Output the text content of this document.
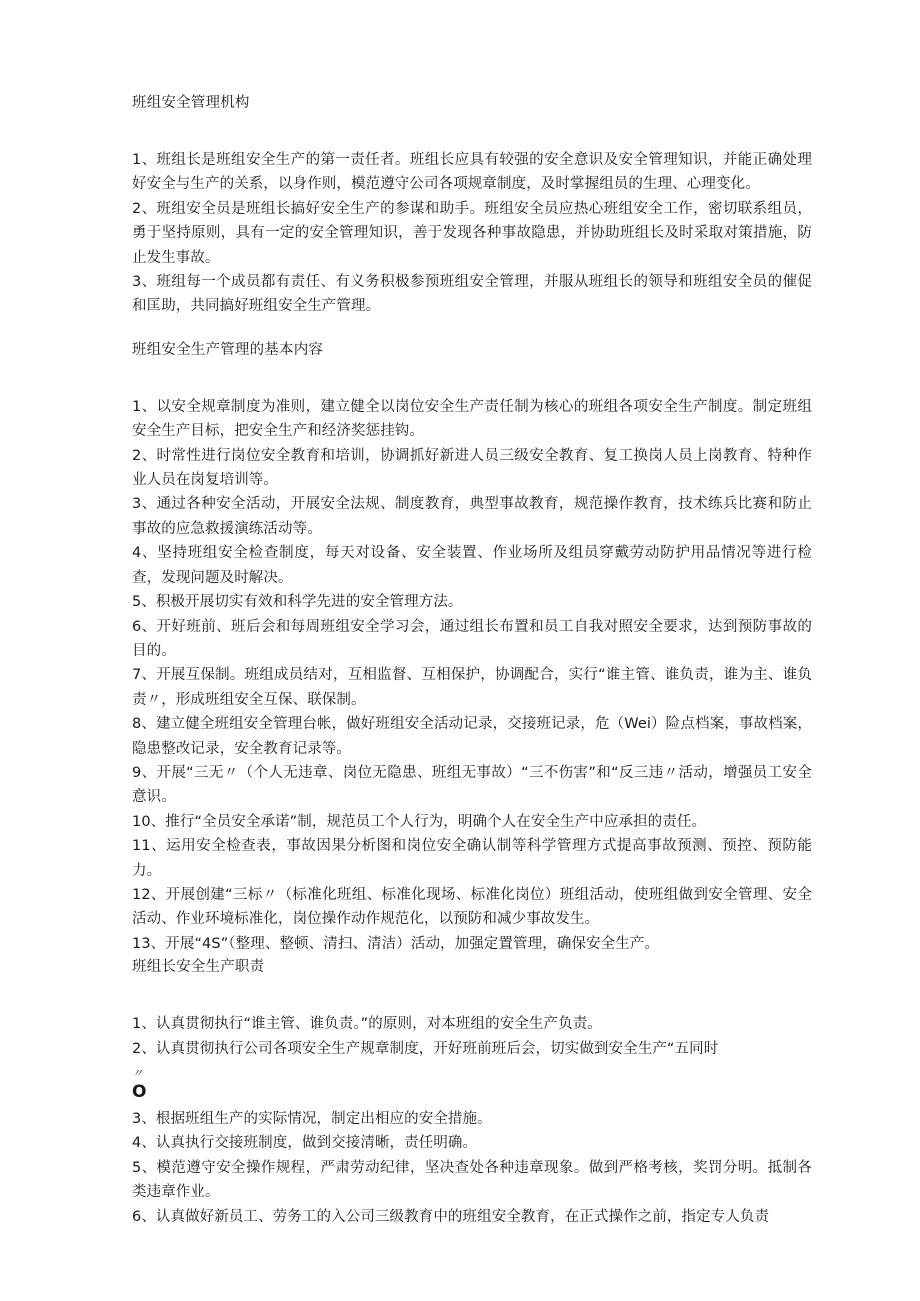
班组安全管理机构

1、班组长是班组安全生产的第一责任者。班组长应具有较强的安全意识及安全管理知识，并能正确处理好安全与生产的关系，以身作则，模范遵守公司各项规章制度，及时掌握组员的生理、心理变化。

2、班组安全员是班组长搞好安全生产的参谋和助手。班组安全员应热心班组安全工作，密切联系组员，勇于坚持原则，具有一定的安全管理知识，善于发现各种事故隐患，并协助班组长及时采取对策措施，防止发生事故。

3、班组每一个成员都有责任、有义务积极参预班组安全管理，并服从班组长的领导和班组安全员的催促和匡助，共同搞好班组安全生产管理。

班组安全生产管理的基本内容

1、以安全规章制度为准则，建立健全以岗位安全生产责任制为核心的班组各项安全生产制度。制定班组安全生产目标，把安全生产和经济奖惩挂钩。

2、时常性进行岗位安全教育和培训，协调抓好新进人员三级安全教育、复工换岗人员上岗教育、特种作业人员在岗复培训等。

3、通过各种安全活动，开展安全法规、制度教育，典型事故教育，规范操作教育，技术练兵比赛和防止事故的应急救援演练活动等。

4、坚持班组安全检查制度，每天对设备、安全装置、作业场所及组员穿戴劳动防护用品情况等进行检查，发现问题及时解决。

5、积极开展切实有效和科学先进的安全管理方法。

6、开好班前、班后会和每周班组安全学习会，通过组长布置和员工自我对照安全要求，达到预防事故的目的。

7、开展互保制。班组成员结对，互相监督、互相保护，协调配合，实行“谁主管、谁负责，谁为主、谁负责〃，形成班组安全互保、联保制。

8、建立健全班组安全管理台帐，做好班组安全活动记录，交接班记录，危（Wei）险点档案，事故档案，隐患整改记录，安全教育记录等。

9、开展“三无〃（个人无违章、岗位无隐患、班组无事故）“三不伤害”和“反三违〃活动，增强员工安全意识。

10、推行“全员安全承诺”制，规范员工个人行为，明确个人在安全生产中应承担的责任。

11、运用安全检查表，事故因果分析图和岗位安全确认制等科学管理方式提高事故预测、预控、预防能力。

12、开展创建“三标〃（标准化班组、标准化现场、标准化岗位）班组活动，使班组做到安全管理、安全活动、作业环境标准化，岗位操作动作规范化，以预防和减少事故发生。

13、开展“4S”（整理、整顿、清扫、清洁）活动，加强定置管理，确保安全生产。

班组长安全生产职责

1、认真贯彻执行“谁主管、谁负责。”的原则，对本班组的安全生产负责。

2、认真贯彻执行公司各项安全生产规章制度，开好班前班后会，切实做到安全生产“五同时

〃

O

3、根据班组生产的实际情况，制定出相应的安全措施。

4、认真执行交接班制度，做到交接清晰，责任明确。

5、模范遵守安全操作规程，严肃劳动纪律，坚决查处各种违章现象。做到严格考核，奖罚分明。抵制各类违章作业。

6、认真做好新员工、劳务工的入公司三级教育中的班组安全教育，在正式操作之前，指定专人负责
